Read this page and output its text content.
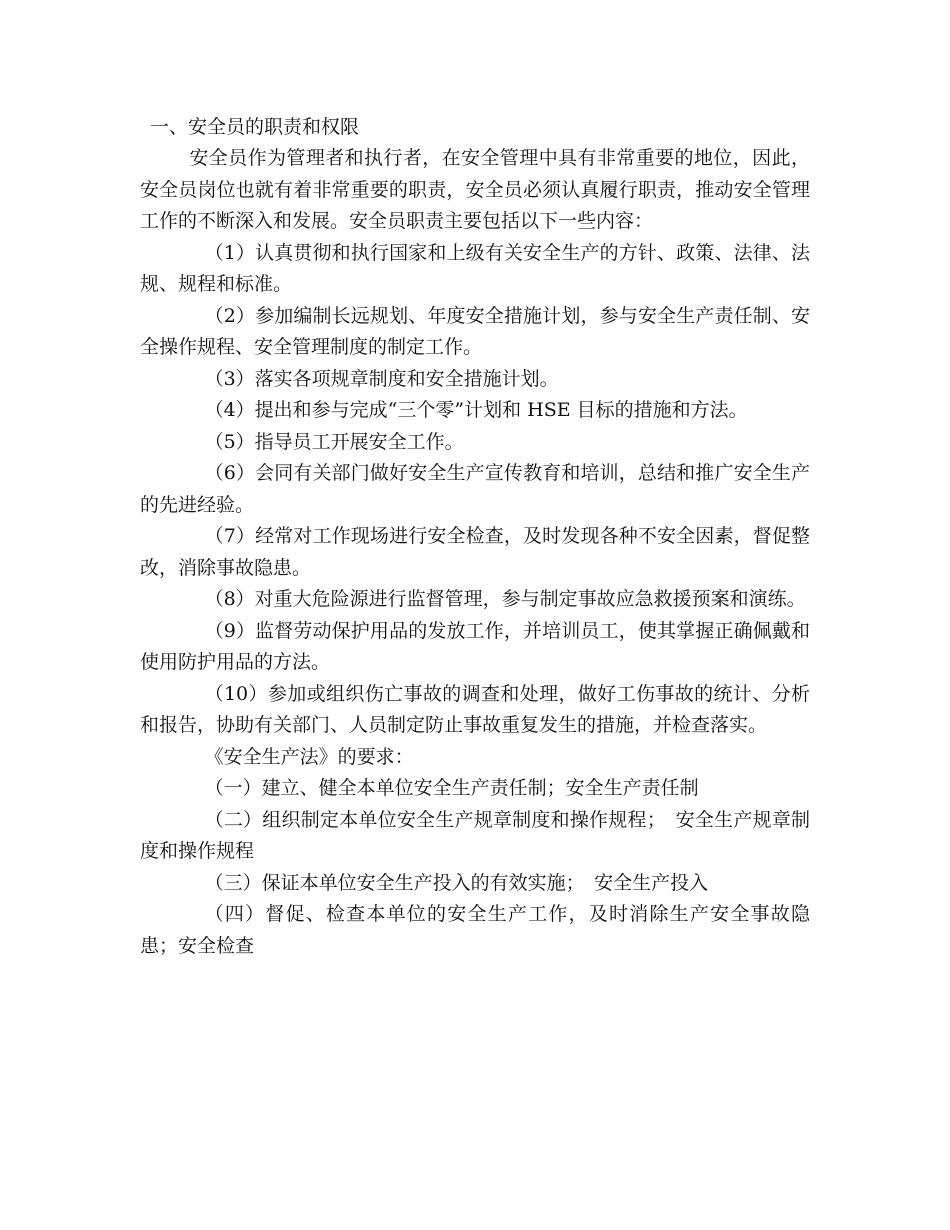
一、安全员的职责和权限

安全员作为管理者和执行者，在安全管理中具有非常重要的地位，因此，安全员岗位也就有着非常重要的职责，安全员必须认真履行职责，推动安全管理工作的不断深入和发展。安全员职责主要包括以下一些内容：

（1）认真贯彻和执行国家和上级有关安全生产的方针、政策、法律、法规、规程和标准。

（2）参加编制长远规划、年度安全措施计划，参与安全生产责任制、安全操作规程、安全管理制度的制定工作。

（3）落实各项规章制度和安全措施计划。

（4）提出和参与完成“三个零”计划和 HSE 目标的措施和方法。

（5）指导员工开展安全工作。

（6）会同有关部门做好安全生产宣传教育和培训，总结和推广安全生产的先进经验。

（7）经常对工作现场进行安全检查，及时发现各种不安全因素，督促整改，消除事故隐患。

（8）对重大危险源进行监督管理，参与制定事故应急救援预案和演练。

（9）监督劳动保护用品的发放工作，并培训员工，使其掌握正确佩戴和使用防护用品的方法。

（10）参加或组织伤亡事故的调查和处理，做好工伤事故的统计、分析和报告，协助有关部门、人员制定防止事故重复发生的措施，并检查落实。

《安全生产法》的要求：

（一）建立、健全本单位安全生产责任制；安全生产责任制

（二）组织制定本单位安全生产规章制度和操作规程；　安全生产规章制度和操作规程

（三）保证本单位安全生产投入的有效实施；　安全生产投入

（四）督促、检查本单位的安全生产工作，及时消除生产安全事故隐患；安全检查
